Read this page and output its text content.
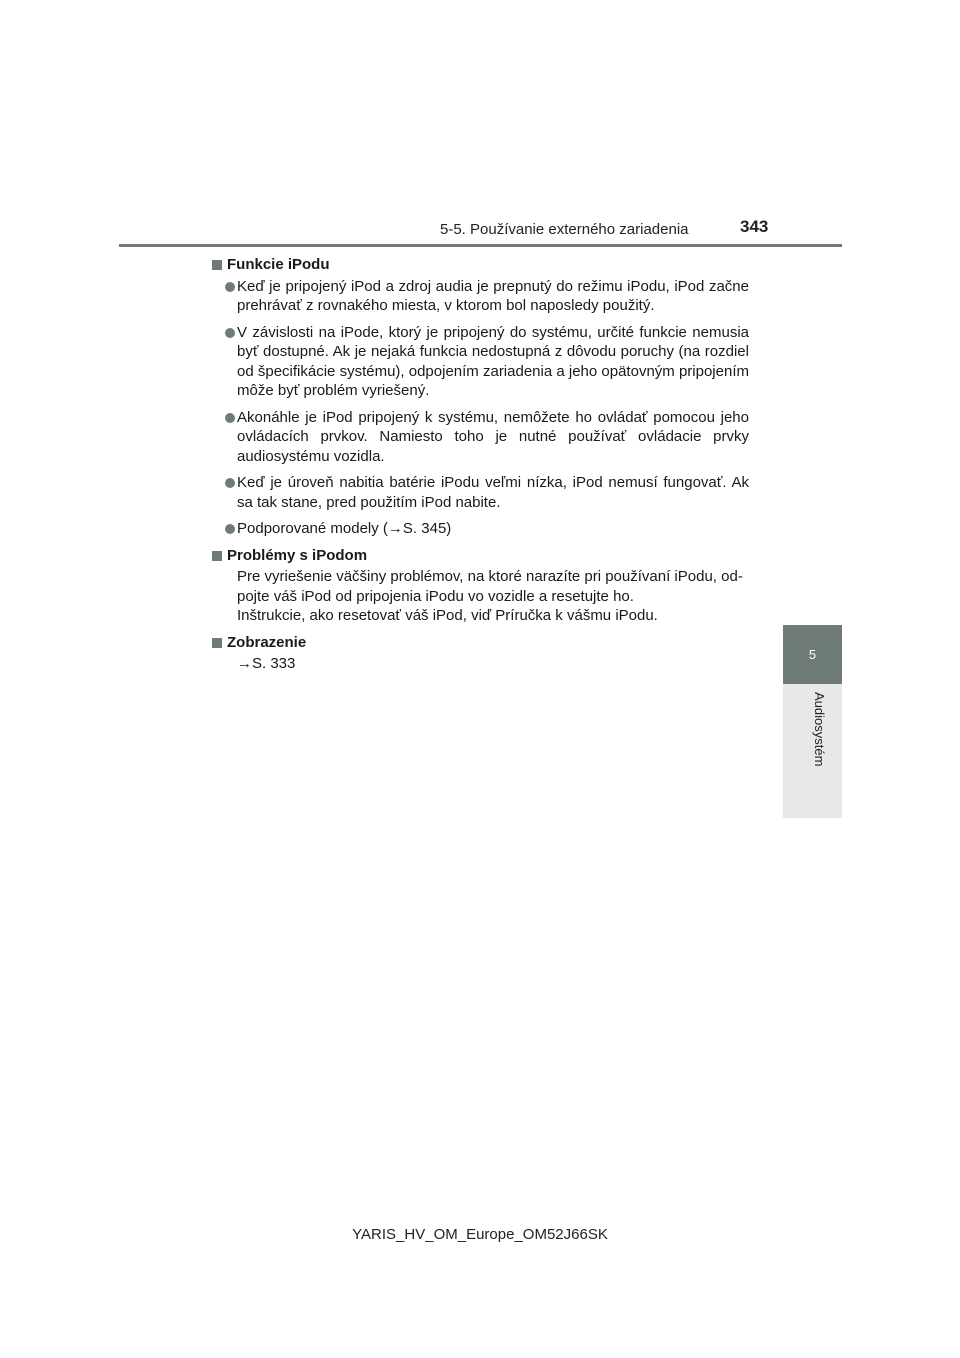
5-5. Používanie externého zariadenia	343
5
Audiosystém
Funkcie iPodu
Keď je pripojený iPod a zdroj audia je prepnutý do režimu iPodu, iPod začne prehrávať z rovnakého miesta, v ktorom bol naposledy použitý.
V závislosti na iPode, ktorý je pripojený do systému, určité funkcie nemusia byť dostupné. Ak je nejaká funkcia nedostupná z dôvodu poruchy (na rozdiel od špecifikácie systému), odpojením zariadenia a jeho opätovným pripojením môže byť problém vyriešený.
Akonáhle je iPod pripojený k systému, nemôžete ho ovládať pomocou jeho ovládacích prvkov. Namiesto toho je nutné používať ovládacie prvky audiosystému vozidla.
Keď je úroveň nabitia batérie iPodu veľmi nízka, iPod nemusí fungovať. Ak sa tak stane, pred použitím iPod nabite.
Podporované modely (→S. 345)
Problémy s iPodom
Pre vyriešenie väčšiny problémov, na ktoré narazíte pri používaní iPodu, od-
pojte váš iPod od pripojenia iPodu vo vozidle a resetujte ho.
Inštrukcie, ako resetovať váš iPod, viď Príručka k vášmu iPodu.
Zobrazenie
→S. 333
YARIS_HV_OM_Europe_OM52J66SK
